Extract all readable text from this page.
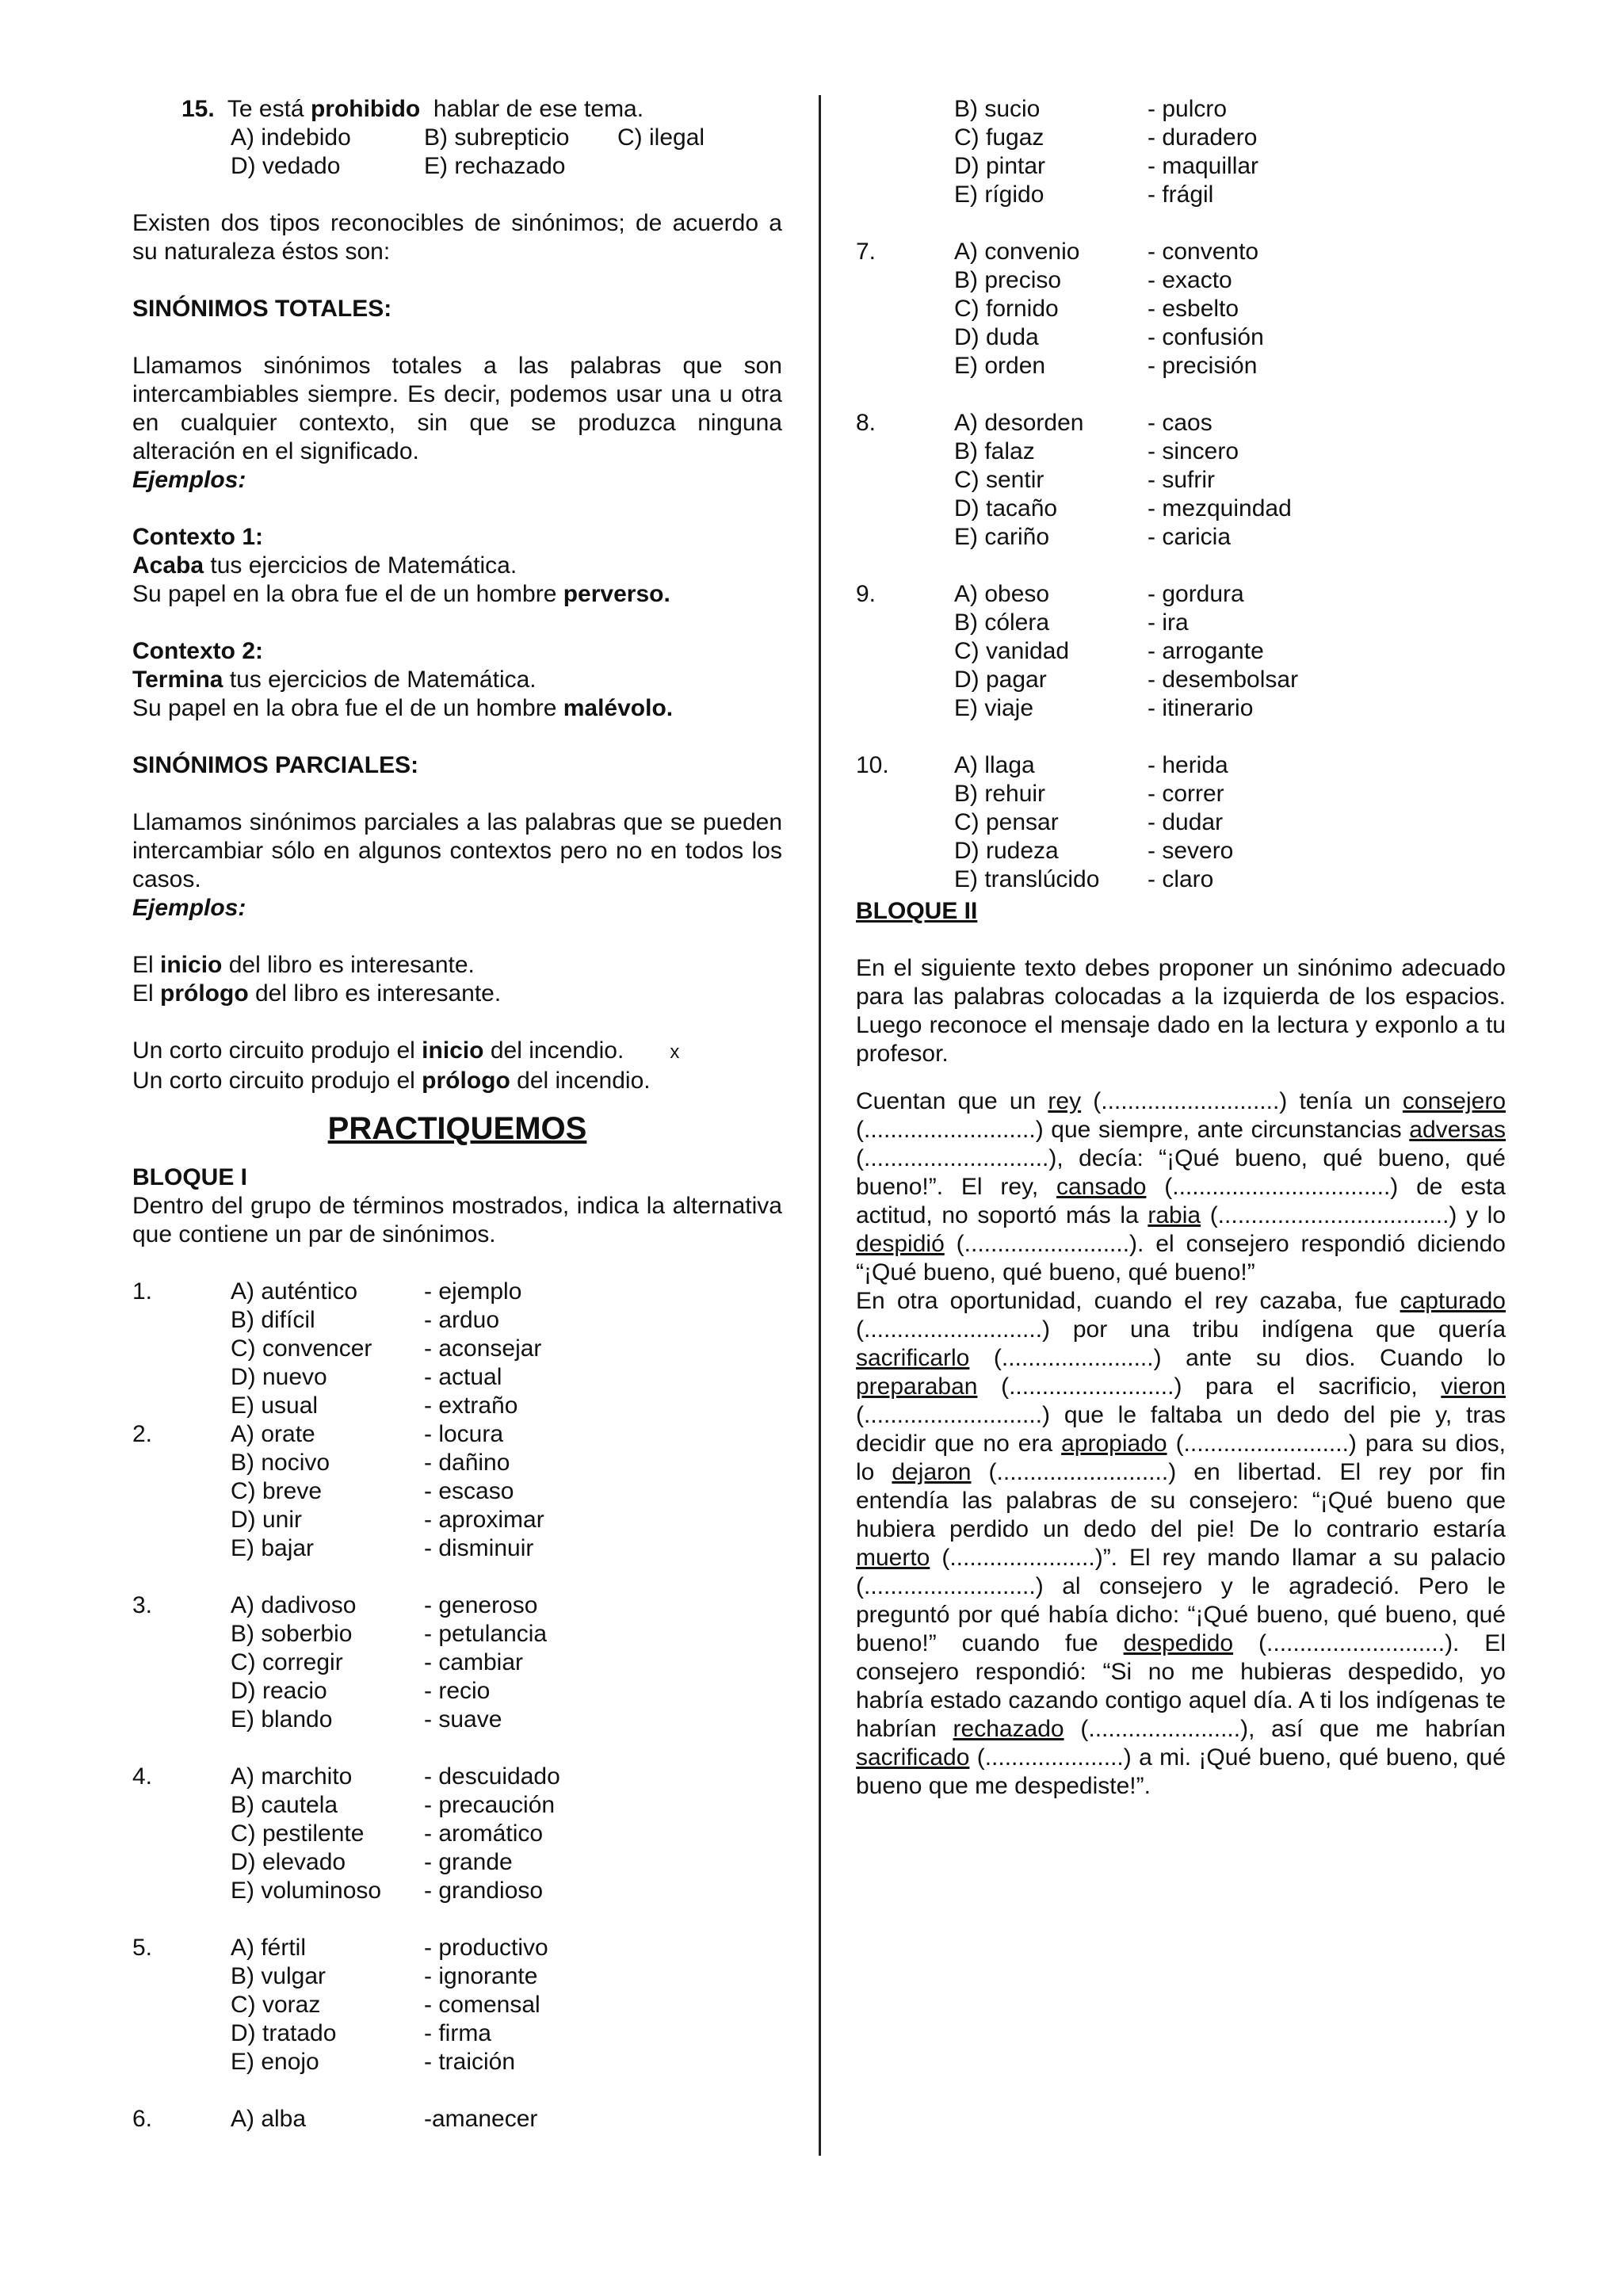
15. Te está prohibido hablar de ese tema.

A) indebido	B) subrepticio C) ilegal

D) vedado	E) rechazado

Existen dos tipos reconocibles de sinónimos; de acuerdo a su naturaleza éstos son:

SINÓNIMOS TOTALES:

Llamamos sinónimos totales a las palabras que son intercambiables siempre. Es decir, podemos usar una u otra en cualquier contexto, sin que se produzca ninguna alteración en el significado.

Ejemplos:

Contexto 1:

Acaba tus ejercicios de Matemática.

Su papel en la obra fue el de un hombre perverso.

Contexto 2:

Termina tus ejercicios de Matemática.

Su papel en la obra fue el de un hombre malévolo.

SINÓNIMOS PARCIALES:

Llamamos sinónimos parciales a las palabras que se pueden intercambiar sólo en algunos contextos pero no en todos los casos.

Ejemplos:

El inicio del libro es interesante.

El prólogo del libro es interesante.

Un corto circuito produjo el inicio del incendio. x

Un corto circuito produjo el prólogo del incendio.

PRACTIQUEMOS

BLOQUE I

Dentro del grupo de términos mostrados, indica la alternativa que contiene un par de sinónimos.

1.	A) auténtico	- ejemplo
B) difícil	- arduo
C) convencer	- aconsejar
D) nuevo	- actual
E) usual	- extraño
2.	A) orate	- locura
B) nocivo	- dañino
C) breve	- escaso
D) unir	- aproximar
E) bajar	- disminuir
3.	A) dadivoso	- generoso
B) soberbio	- petulancia
C) corregir	- cambiar
D) reacio	- recio
E) blando	- suave
4.	A) marchito	- descuidado
B) cautela	- precaución
C) pestilente	- aromático
D) elevado	- grande
E) voluminoso	- grandioso
5.	A) fértil	- productivo
B) vulgar	- ignorante
C) voraz	- comensal
D) tratado	- firma
E) enojo	- traición
6.	A) alba	-amanecer
B) sucio	- pulcro
C) fugaz	- duradero
D) pintar	- maquillar
E) rígido	- frágil
7.	A) convenio	- convento
B) preciso	- exacto
C) fornido	- esbelto
D) duda	- confusión
E) orden	- precisión
8.	A) desorden	- caos
B) falaz	- sincero
C) sentir	- sufrir
D) tacaño	- mezquindad
E) cariño	- caricia
9.	A) obeso	- gordura
B) cólera	- ira
C) vanidad	- arrogante
D) pagar	- desembolsar
E) viaje	- itinerario
10.	A) llaga	- herida
B) rehuir	- correr
C) pensar	- dudar
D) rudeza	- severo
E) translúcido	- claro

BLOQUE II

En el siguiente texto debes proponer un sinónimo adecuado para las palabras colocadas a la izquierda de los espacios. Luego reconoce el mensaje dado en la lectura y exponlo a tu profesor.

Cuentan que un rey (...........................) tenía un consejero (..........................) que siempre, ante circunstancias adversas (............................), decía: “¡Qué bueno, qué bueno, qué bueno!”. El rey, cansado (.................................) de esta actitud, no soportó más la rabia (...................................) y lo despidió (.........................). el consejero respondió diciendo “¡Qué bueno, qué bueno, qué bueno!”
En otra oportunidad, cuando el rey cazaba, fue capturado (...........................) por una tribu indígena que quería sacrificarlo (.......................) ante su dios. Cuando lo preparaban (.........................) para el sacrificio, vieron (...........................) que le faltaba un dedo del pie y, tras decidir que no era apropiado (.........................) para su dios, lo dejaron (..........................) en libertad. El rey por fin entendía las palabras de su consejero: “¡Qué bueno que hubiera perdido un dedo del pie! De lo contrario estaría muerto (......................)”. El rey mando llamar a su palacio (..........................) al consejero y le agradeció. Pero le preguntó por qué había dicho: “¡Qué bueno, qué bueno, qué bueno!” cuando fue despedido (...........................). El consejero respondió: “Si no me hubieras despedido, yo habría estado cazando contigo aquel día. A ti los indígenas te habrían rechazado (.......................), así que me habrían sacrificado (.....................) a mi. ¡Qué bueno, qué bueno, qué bueno que me despediste!”.
